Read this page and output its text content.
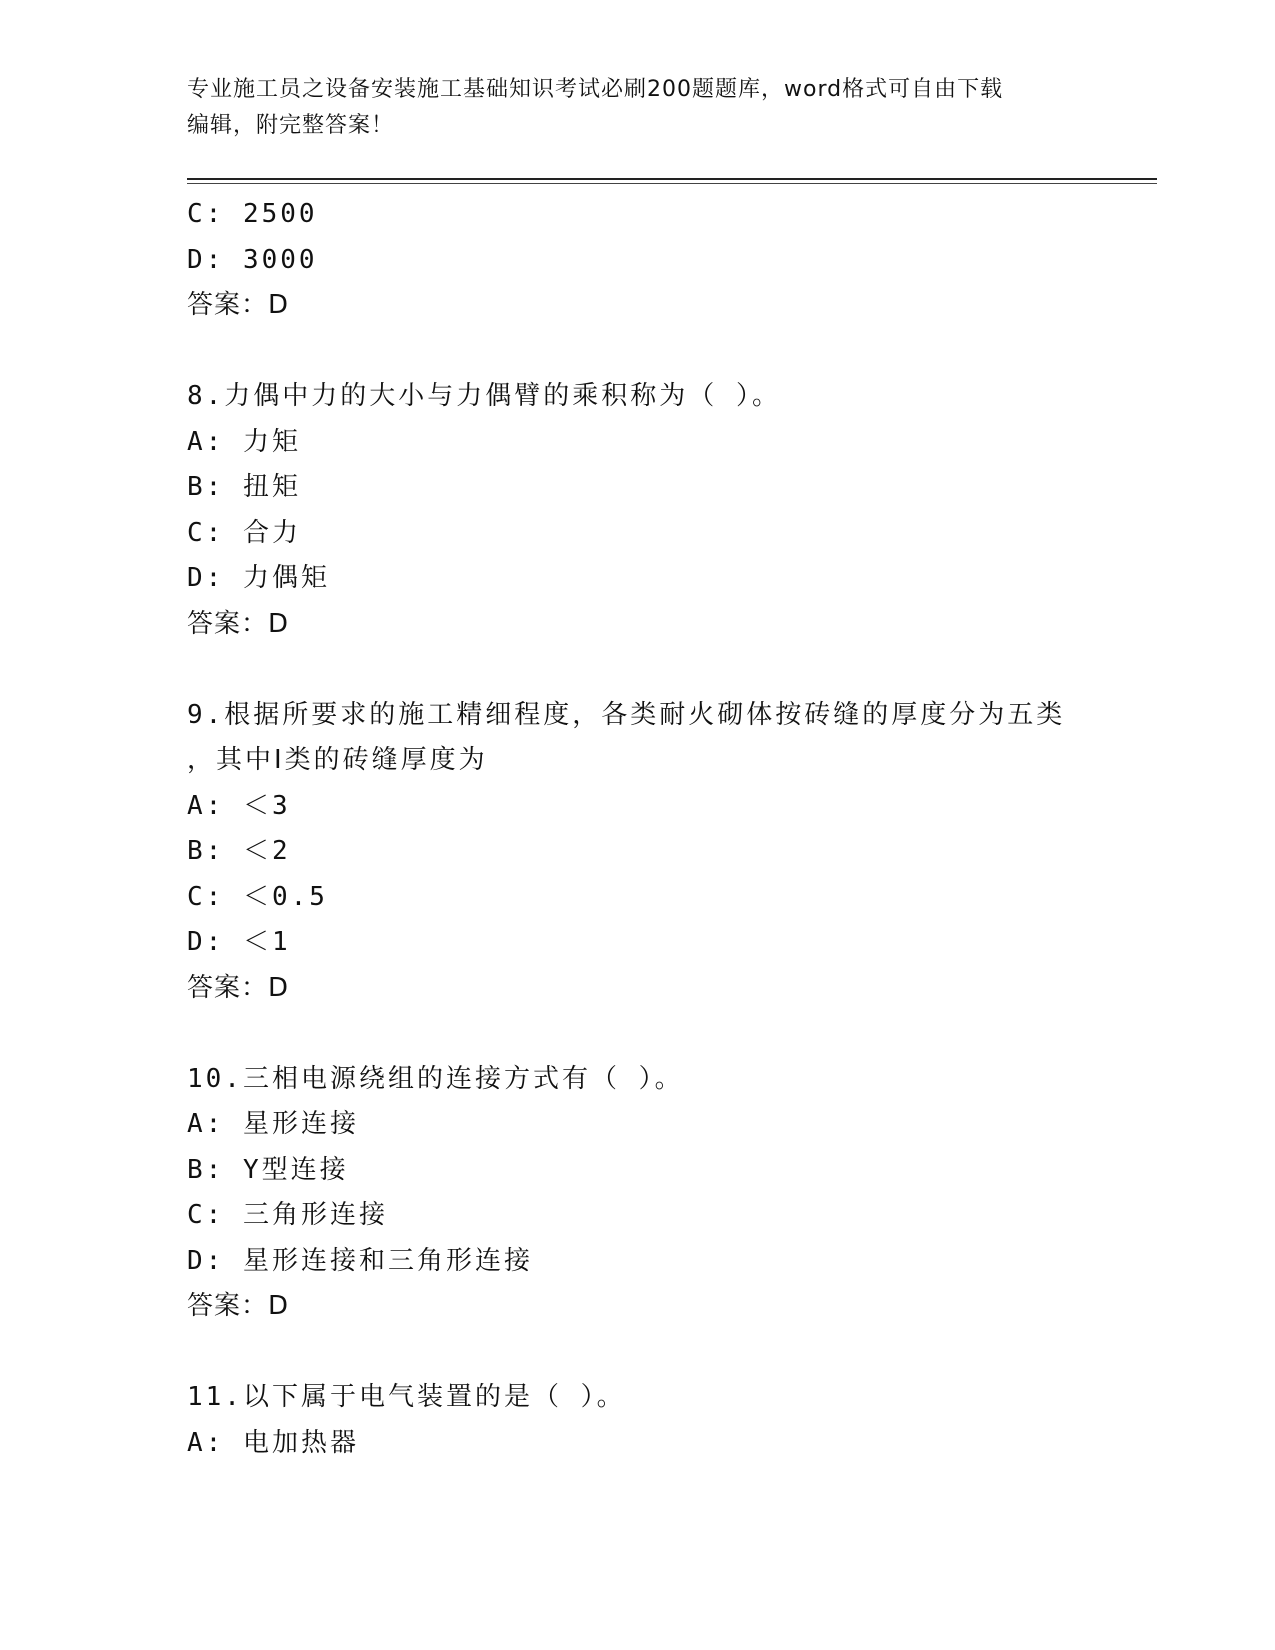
专业施工员之设备安装施工基础知识考试必刷200题题库，word格式可自由下载
编辑，附完整答案！
C: 2500
D: 3000
答案：D
8.力偶中力的大小与力偶臂的乘积称为（ ）。
A: 力矩
B: 扭矩
C: 合力
D: 力偶矩
答案：D
9.根据所要求的施工精细程度，各类耐火砌体按砖缝的厚度分为五类
，其中Ⅰ类的砖缝厚度为
A: ＜3
B: ＜2
C: ＜0.5
D: ＜1
答案：D
10.三相电源绕组的连接方式有（ ）。
A: 星形连接
B: Y型连接
C: 三角形连接
D: 星形连接和三角形连接
答案：D
11.以下属于电气装置的是（ ）。
A: 电加热器
